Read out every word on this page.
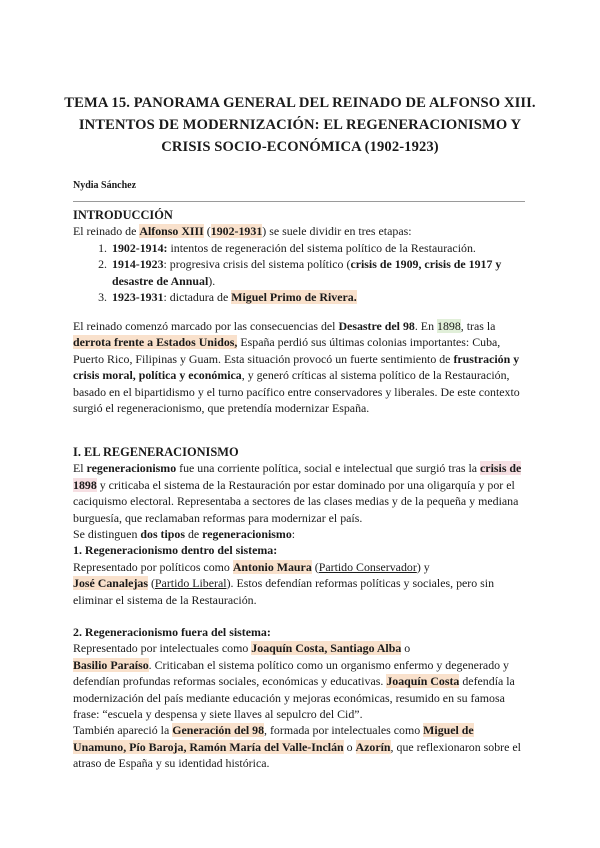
TEMA 15. PANORAMA GENERAL DEL REINADO DE ALFONSO XIII. INTENTOS DE MODERNIZACIÓN: EL REGENERACIONISMO Y CRISIS SOCIO-ECONÓMICA (1902-1923)
Nydia Sánchez
INTRODUCCIÓN

El reinado de Alfonso XIII (1902-1931) se suele dividir en tres etapas:

1. 1902-1914: intentos de regeneración del sistema político de la Restauración.
2. 1914-1923: progresiva crisis del sistema político (crisis de 1909, crisis de 1917 y desastre de Annual).
3. 1923-1931: dictadura de Miguel Primo de Rivera.

El reinado comenzó marcado por las consecuencias del Desastre del 98. En 1898, tras la derrota frente a Estados Unidos, España perdió sus últimas colonias importantes: Cuba, Puerto Rico, Filipinas y Guam. Esta situación provocó un fuerte sentimiento de frustración y crisis moral, política y económica, y generó críticas al sistema político de la Restauración, basado en el bipartidismo y el turno pacífico entre conservadores y liberales. De este contexto surgió el regeneracionismo, que pretendía modernizar España.

I. EL REGENERACIONISMO

El regeneracionismo fue una corriente política, social e intelectual que surgió tras la crisis de 1898 y criticaba el sistema de la Restauración por estar dominado por una oligarquía y por el caciquismo electoral. Representaba a sectores de las clases medias y de la pequeña y mediana burguesía, que reclamaban reformas para modernizar el país.

Se distinguen dos tipos de regeneracionismo:

1. Regeneracionismo dentro del sistema:

Representado por políticos como Antonio Maura (Partido Conservador) y
José Canalejas (Partido Liberal). Estos defendían reformas políticas y sociales, pero sin eliminar el sistema de la Restauración.

2. Regeneracionismo fuera del sistema:

Representado por intelectuales como Joaquín Costa, Santiago Alba o
Basilio Paraíso. Criticaban el sistema político como un organismo enfermo y degenerado y defendían profundas reformas sociales, económicas y educativas. Joaquín Costa defendía la modernización del país mediante educación y mejoras económicas, resumido en su famosa frase: “escuela y despensa y siete llaves al sepulcro del Cid”.

También apareció la Generación del 98, formada por intelectuales como Miguel de Unamuno, Pío Baroja, Ramón María del Valle-Inclán o Azorín, que reflexionaron sobre el atraso de España y su identidad histórica.
